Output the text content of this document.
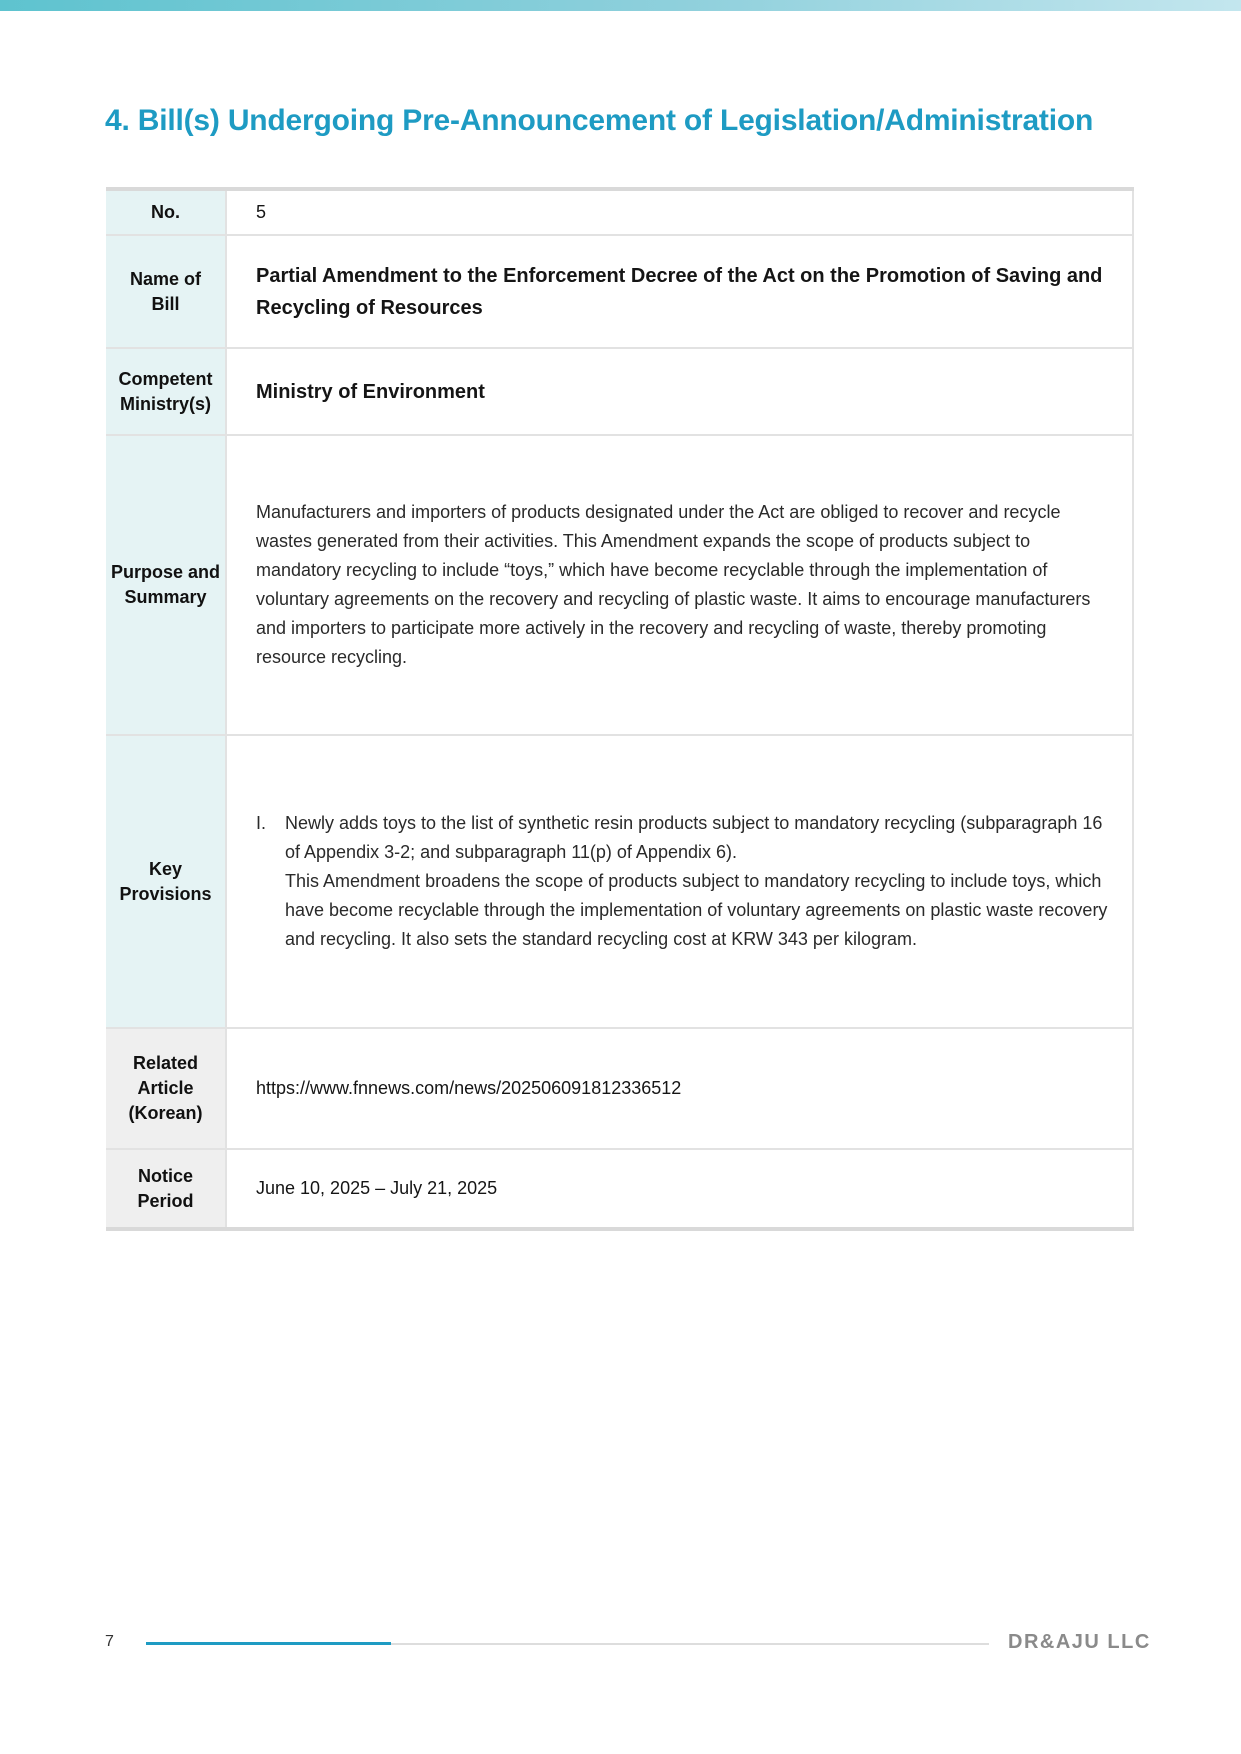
4. Bill(s) Undergoing Pre-Announcement of Legislation/Administration
No.	5
Name of
Bill	Partial Amendment to the Enforcement Decree of the Act on the Promotion of Saving and Recycling of Resources
Competent
Ministry(s)	Ministry of Environment
Purpose and
Summary	Manufacturers and importers of products designated under the Act are obliged to recover and recycle wastes generated from their activities. This Amendment expands the scope of products subject to mandatory recycling to include “toys,” which have become recyclable through the implementation of voluntary agreements on the recovery and recycling of plastic waste. It aims to encourage manufacturers and importers to participate more actively in the recovery and recycling of waste, thereby promoting resource recycling.
Key
Provisions	I. Newly adds toys to the list of synthetic resin products subject to mandatory recycling (subparagraph 16 of Appendix 3-2; and subparagraph 11(p) of Appendix 6).
This Amendment broadens the scope of products subject to mandatory recycling to include toys, which have become recyclable through the implementation of voluntary agreements on plastic waste recovery and recycling. It also sets the standard recycling cost at KRW 343 per kilogram.

Related
Article
(Korean)	https://www.fnnews.com/news/202506091812336512
Notice
Period	June 10, 2025 – July 21, 2025
7	DR&AJU LLC
